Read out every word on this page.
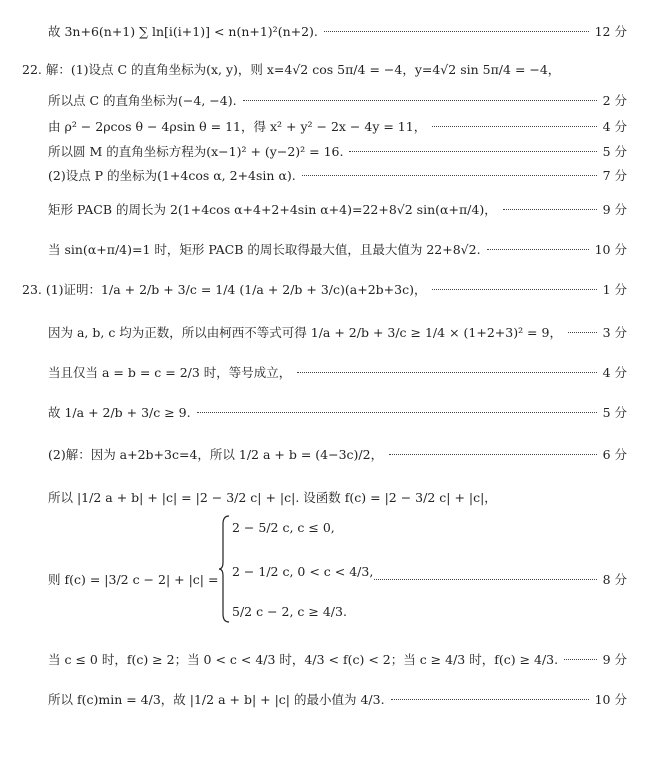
故 3n+6(n+1) ∑ ln[i(i+1)] < n(n+1)²(n+2).	12 分
22. 解：(1)设点 C 的直角坐标为(x, y)，则 x=4√2 cos 5π/4 = −4，y=4√2 sin 5π/4 = −4，
所以点 C 的直角坐标为(−4, −4).	2 分
由 ρ² − 2ρcos θ − 4ρsin θ = 11，得 x² + y² − 2x − 4y = 11，	4 分
所以圆 M 的直角坐标方程为(x−1)² + (y−2)² = 16.	5 分
(2)设点 P 的坐标为(1+4cos α, 2+4sin α).	7 分
矩形 PACB 的周长为 2(1+4cos α+4+2+4sin α+4)=22+8√2 sin(α+π/4)，	9 分
当 sin(α+π/4)=1 时，矩形 PACB 的周长取得最大值，且最大值为 22+8√2.	10 分
23. (1)证明：1/a + 2/b + 3/c = 1/4 (1/a + 2/b + 3/c)(a+2b+3c)，	1 分
因为 a, b, c 均为正数，所以由柯西不等式可得 1/a + 2/b + 3/c ≥ 1/4 × (1+2+3)² = 9，	3 分
当且仅当 a = b = c = 2/3 时，等号成立，	4 分
故 1/a + 2/b + 3/c ≥ 9.	5 分
(2)解：因为 a+2b+3c=4，所以 1/2 a + b = (4−3c)/2，	6 分
所以 |1/2 a + b| + |c| = |2 − 3/2 c| + |c|. 设函数 f(c) = |2 − 3/2 c| + |c|，
则 f(c) = |3/2 c − 2| + |c| =	8 分
2 − 5/2 c, c ≤ 0,
2 − 1/2 c, 0 < c < 4/3,
5/2 c − 2, c ≥ 4/3.
当 c ≤ 0 时，f(c) ≥ 2；当 0 < c < 4/3 时，4/3 < f(c) < 2；当 c ≥ 4/3 时，f(c) ≥ 4/3.	9 分
所以 f(c)min = 4/3，故 |1/2 a + b| + |c| 的最小值为 4/3.	10 分
